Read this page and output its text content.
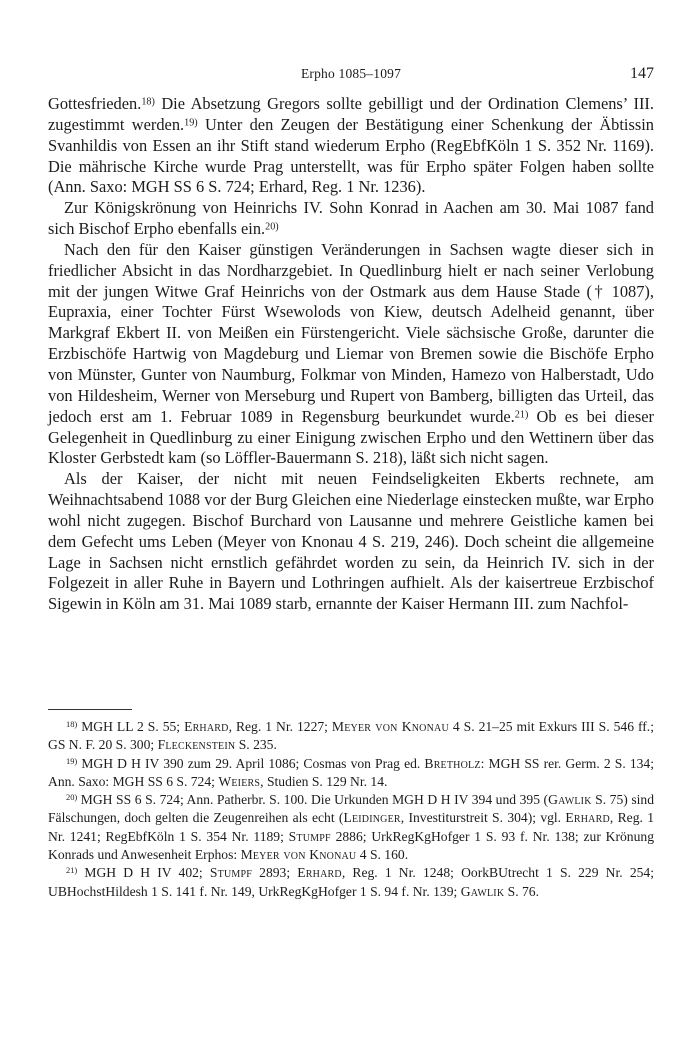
Erpho 1085–1097	147

Gottesfrieden.$^{18)}$ Die Absetzung Gregors sollte gebilligt und der Ordination Clemens’ III. zugestimmt werden.$^{19)}$ Unter den Zeugen der Bestätigung einer Schenkung der Äbtissin Svanhildis von Essen an ihr Stift stand wiederum Erpho (RegEbfKöln 1 S. 352 Nr. 1169). Die mährische Kirche wurde Prag unterstellt, was für Erpho später Folgen haben sollte (Ann. Saxo: MGH SS 6 S. 724; Erhard, Reg. 1 Nr. 1236).

Zur Königskrönung von Heinrichs IV. Sohn Konrad in Aachen am 30. Mai 1087 fand sich Bischof Erpho ebenfalls ein.$^{20)}$

Nach den für den Kaiser günstigen Veränderungen in Sachsen wagte dieser sich in friedlicher Absicht in das Nordharzgebiet. In Quedlinburg hielt er nach seiner Verlobung mit der jungen Witwe Graf Heinrichs von der Ostmark aus dem Hause Stade († 1087), Eupraxia, einer Tochter Fürst Wsewolods von Kiew, deutsch Adelheid genannt, über Markgraf Ekbert II. von Meißen ein Fürstengericht. Viele sächsische Große, darunter die Erzbischöfe Hartwig von Magdeburg und Liemar von Bremen sowie die Bischöfe Erpho von Münster, Gunter von Naumburg, Folkmar von Minden, Hamezo von Halberstadt, Udo von Hildesheim, Werner von Merseburg und Rupert von Bamberg, billigten das Urteil, das jedoch erst am 1. Februar 1089 in Regensburg beurkundet wurde.$^{21)}$ Ob es bei dieser Gelegenheit in Quedlinburg zu einer Einigung zwischen Erpho und den Wettinern über das Kloster Gerbstedt kam (so Löffler-Bauermann S. 218), läßt sich nicht sagen.

Als der Kaiser, der nicht mit neuen Feindseligkeiten Ekberts rechnete, am Weihnachtsabend 1088 vor der Burg Gleichen eine Niederlage einstecken mußte, war Erpho wohl nicht zugegen. Bischof Burchard von Lausanne und mehrere Geistliche kamen bei dem Gefecht ums Leben (Meyer von Knonau 4 S. 219, 246). Doch scheint die allgemeine Lage in Sachsen nicht ernstlich gefährdet worden zu sein, da Heinrich IV. sich in der Folgezeit in aller Ruhe in Bayern und Lothringen aufhielt. Als der kaisertreue Erzbischof Sigewin in Köln am 31. Mai 1089 starb, ernannte der Kaiser Hermann III. zum Nachfol-

$^{18)}$ MGH LL 2 S. 55; Erhard, Reg. 1 Nr. 1227; Meyer von Knonau 4 S. 21–25 mit Exkurs III S. 546 ff.; GS N. F. 20 S. 300; Fleckenstein S. 235.

$^{19)}$ MGH D H IV 390 zum 29. April 1086; Cosmas von Prag ed. Bretholz: MGH SS rer. Germ. 2 S. 134; Ann. Saxo: MGH SS 6 S. 724; Weiers, Studien S. 129 Nr. 14.

$^{20)}$ MGH SS 6 S. 724; Ann. Patherbr. S. 100. Die Urkunden MGH D H IV 394 und 395 (Gawlik S. 75) sind Fälschungen, doch gelten die Zeugenreihen als echt (Leidinger, Investiturstreit S. 304); vgl. Erhard, Reg. 1 Nr. 1241; RegEbfKöln 1 S. 354 Nr. 1189; Stumpf 2886; UrkRegKgHofger 1 S. 93 f. Nr. 138; zur Krönung Konrads und Anwesenheit Erphos: Meyer von Knonau 4 S. 160.

$^{21)}$ MGH D H IV 402; Stumpf 2893; Erhard, Reg. 1 Nr. 1248; OorkBUtrecht 1 S. 229 Nr. 254; UBHochstHildesh 1 S. 141 f. Nr. 149, UrkRegKgHofger 1 S. 94 f. Nr. 139; Gawlik S. 76.
